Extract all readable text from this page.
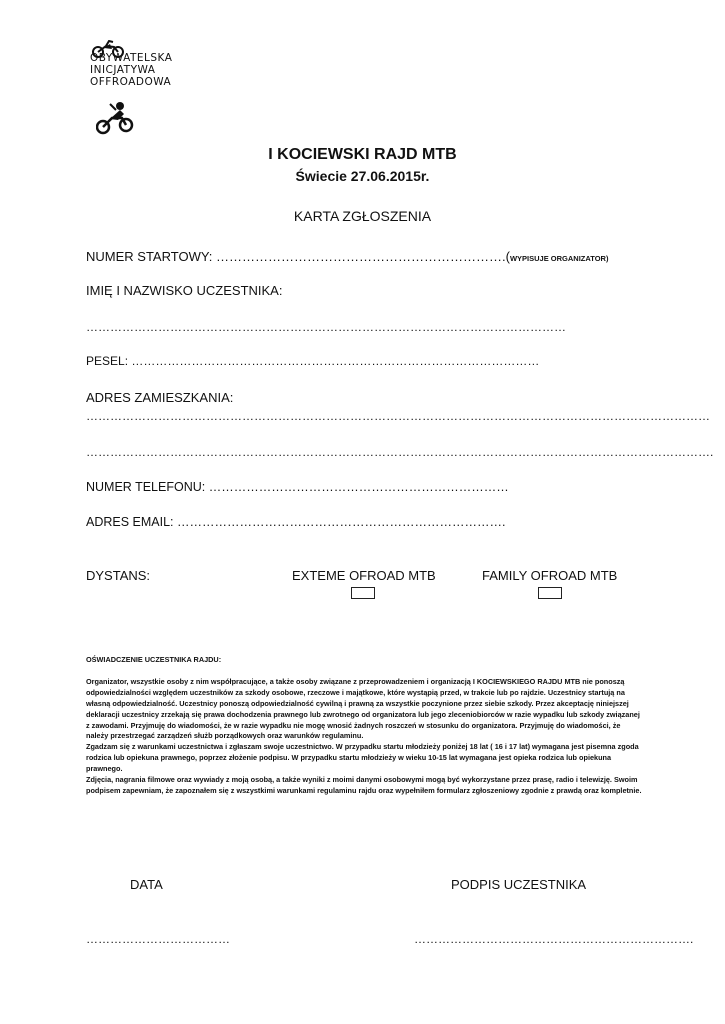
OBYWATELSKA
INICJATYWA
OFFROADOWA
I KOCIEWSKI RAJD MTB
Świecie 27.06.2015r.
KARTA ZGŁOSZENIA
NUMER STARTOWY: ………………………………………………………….(WYPISUJE ORGANIZATOR)
IMIĘ I NAZWISKO UCZESTNIKA:
…………………………………………………………………………………………………………
PESEL: …………………………………………………………………………………………
ADRES ZAMIESZKANIA:
…………………………………………………………………………………………………………………………………………
………………………………………………………………………………………………………………………………………….
NUMER TELEFONU: ………………………………………………………………
ADRES EMAIL: …………………………………………………………………….
DYSTANS:	EXTEME OFROAD MTB	FAMILY OFROAD MTB

OŚWIADCZENIE UCZESTNIKA RAJDU:

Organizator, wszystkie osoby z nim współpracujące, a także osoby związane z przeprowadzeniem i organizacją I KOCIEWSKIEGO RAJDU MTB nie ponoszą odpowiedzialności względem uczestników za szkody osobowe, rzeczowe i majątkowe, które wystąpią przed, w trakcie lub po rajdzie. Uczestnicy startują na własną odpowiedzialność. Uczestnicy ponoszą odpowiedzialność cywilną i prawną za wszystkie poczynione przez siebie szkody. Przez akceptację niniejszej deklaracji uczestnicy zrzekają się prawa dochodzenia prawnego lub zwrotnego od organizatora lub jego zleceniobiorców w razie wypadku lub szkody związanej z zawodami. Przyjmuję do wiadomości, że w razie wypadku nie mogę wnosić żadnych roszczeń w stosunku do organizatora. Przyjmuję do wiadomości, że należy przestrzegać zarządzeń służb porządkowych oraz warunków regulaminu.

Zgadzam się z warunkami uczestnictwa i zgłaszam swoje uczestnictwo. W przypadku startu młodzieży poniżej 18 lat ( 16 i 17 lat) wymagana jest pisemna zgoda rodzica lub opiekuna prawnego, poprzez złożenie podpisu. W przypadku startu młodzieży w wieku 10-15 lat wymagana jest opieka rodzica lub opiekuna prawnego.

Zdjęcia, nagrania filmowe oraz wywiady z moją osobą, a także wyniki z moimi danymi osobowymi mogą być wykorzystane przez prasę, radio i telewizję. Swoim podpisem zapewniam, że zapoznałem się z wszystkimi warunkami regulaminu rajdu oraz wypełniłem formularz zgłoszeniowy zgodnie z prawdą oraz kompletnie.

DATA	PODPIS UCZESTNIKA
………………………………	…………………………………………………………….
